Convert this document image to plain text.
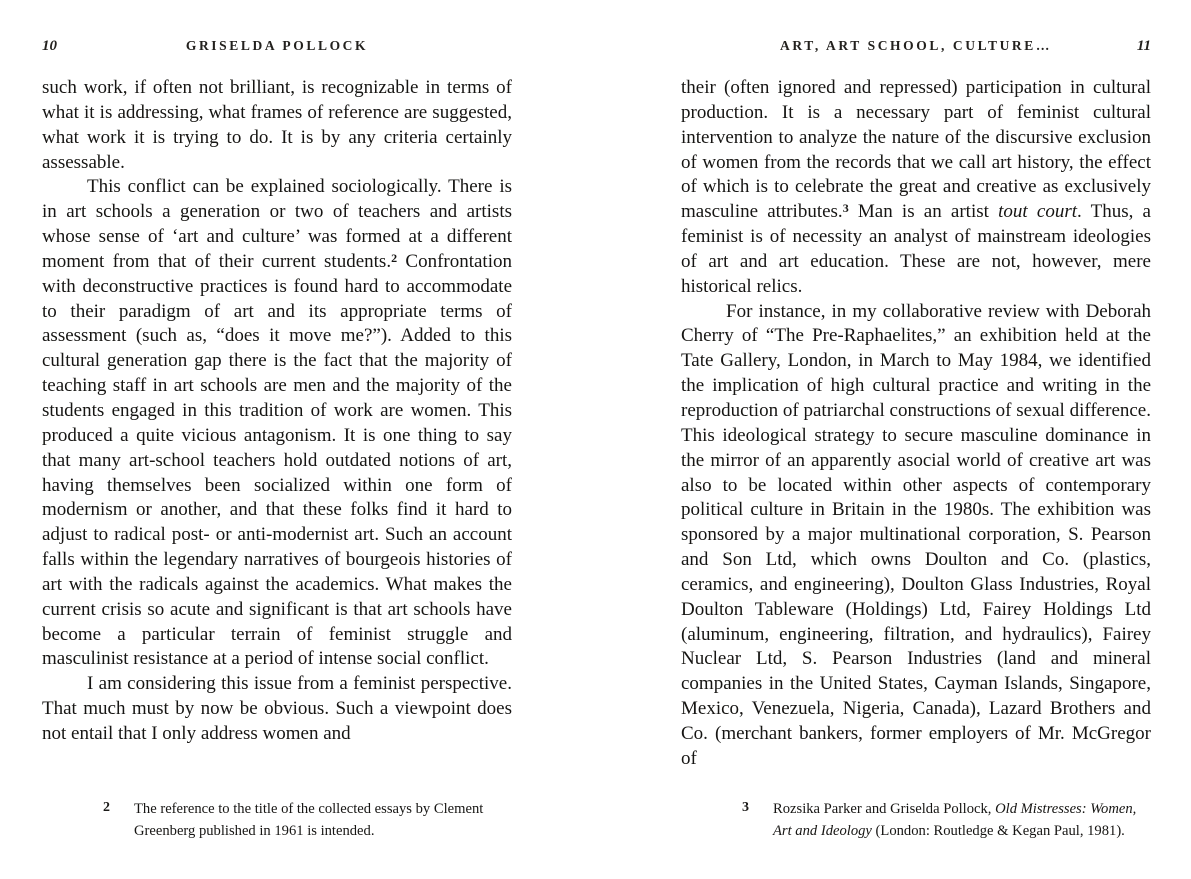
10	GRISELDA POLLOCK

such work, if often not brilliant, is recognizable in terms of what it is addressing, what frames of reference are suggested, what work it is trying to do. It is by any criteria certainly assessable.

This conflict can be explained sociologically. There is in art schools a generation or two of teachers and artists whose sense of ‘art and culture’ was formed at a different moment from that of their current students.$^2$ Confrontation with deconstructive practices is found hard to accommodate to their paradigm of art and its appropriate terms of assessment (such as, “does it move me?”). Added to this cultural generation gap there is the fact that the majority of teaching staff in art schools are men and the majority of the students engaged in this tradition of work are women. This produced a quite vicious antagonism. It is one thing to say that many art-school teachers hold outdated notions of art, having themselves been socialized within one form of modernism or another, and that these folks find it hard to adjust to radical post- or anti-modernist art. Such an account falls within the legendary narratives of bourgeois histories of art with the radicals against the academics. What makes the current crisis so acute and significant is that art schools have become a particular terrain of feminist struggle and masculinist resistance at a period of intense social conflict.

I am considering this issue from a feminist perspective. That much must by now be obvious. Such a viewpoint does not entail that I only address women and

2	The reference to the title of the collected essays by Clement Greenberg published in 1961 is intended.
ART, ART SCHOOL, CULTURE…	11

their (often ignored and repressed) participation in cultural production. It is a necessary part of feminist cultural intervention to analyze the nature of the discursive exclusion of women from the records that we call art history, the effect of which is to celebrate the great and creative as exclusively masculine attributes.$^3$ Man is an artist tout court. Thus, a feminist is of necessity an analyst of mainstream ideologies of art and art education. These are not, however, mere historical relics.

For instance, in my collaborative review with Deborah Cherry of “The Pre-Raphaelites,” an exhibition held at the Tate Gallery, London, in March to May 1984, we identified the implication of high cultural practice and writing in the reproduction of patriarchal constructions of sexual difference. This ideological strategy to secure masculine dominance in the mirror of an apparently asocial world of creative art was also to be located within other aspects of contemporary political culture in Britain in the 1980s. The exhibition was sponsored by a major multinational corporation, S. Pearson and Son Ltd, which owns Doulton and Co. (plastics, ceramics, and engineering), Doulton Glass Industries, Royal Doulton Tableware (Holdings) Ltd, Fairey Holdings Ltd (aluminum, engineering, filtration, and hydraulics), Fairey Nuclear Ltd, S. Pearson Industries (land and mineral companies in the United States, Cayman Islands, Singapore, Mexico, Venezuela, Nigeria, Canada), Lazard Brothers and Co. (merchant bankers, former employers of Mr. McGregor of

3	Rozsika Parker and Griselda Pollock, Old Mistresses: Women, Art and Ideology (London: Routledge & Kegan Paul, 1981).
